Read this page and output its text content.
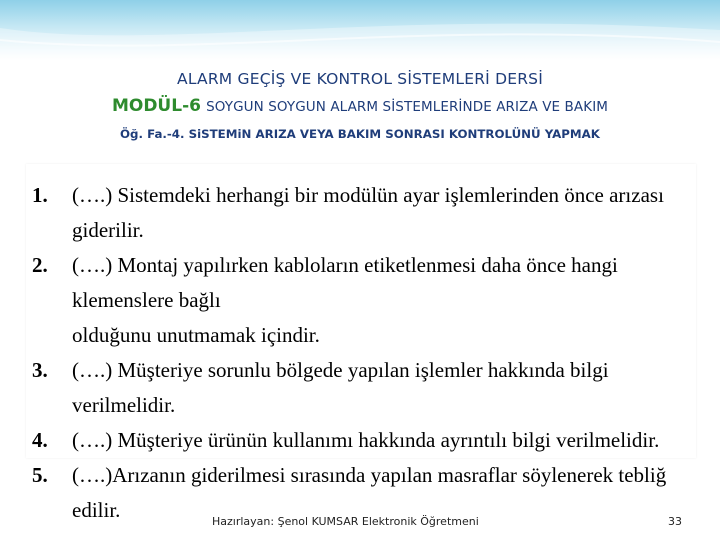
ALARM GEÇİŞ VE KONTROL SİSTEMLERİ DERSİ
MODÜL-6 SOYGUN SOYGUN ALARM SİSTEMLERİNDE ARIZA VE BAKIM
Öğ. Fa.-4. SiSTEMiN ARIZA VEYA BAKIM SONRASI KONTROLÜNÜ YAPMAK
1.	(….) Sistemdeki herhangi bir modülün ayar işlemlerinden önce arızası giderilir.
2.	(….) Montaj yapılırken kabloların etiketlenmesi daha önce hangi klemenslere bağlı
olduğunu unutmamak içindir.
3.	(….) Müşteriye sorunlu bölgede yapılan işlemler hakkında bilgi verilmelidir.
4.	(….) Müşteriye ürünün kullanımı hakkında ayrıntılı bilgi verilmelidir.
5.	(….)Arızanın giderilmesi sırasında yapılan masraflar söylenerek tebliğ edilir.	Hazırlayan: Şenol KUMSAR Elektronik Öğretmeni	33
